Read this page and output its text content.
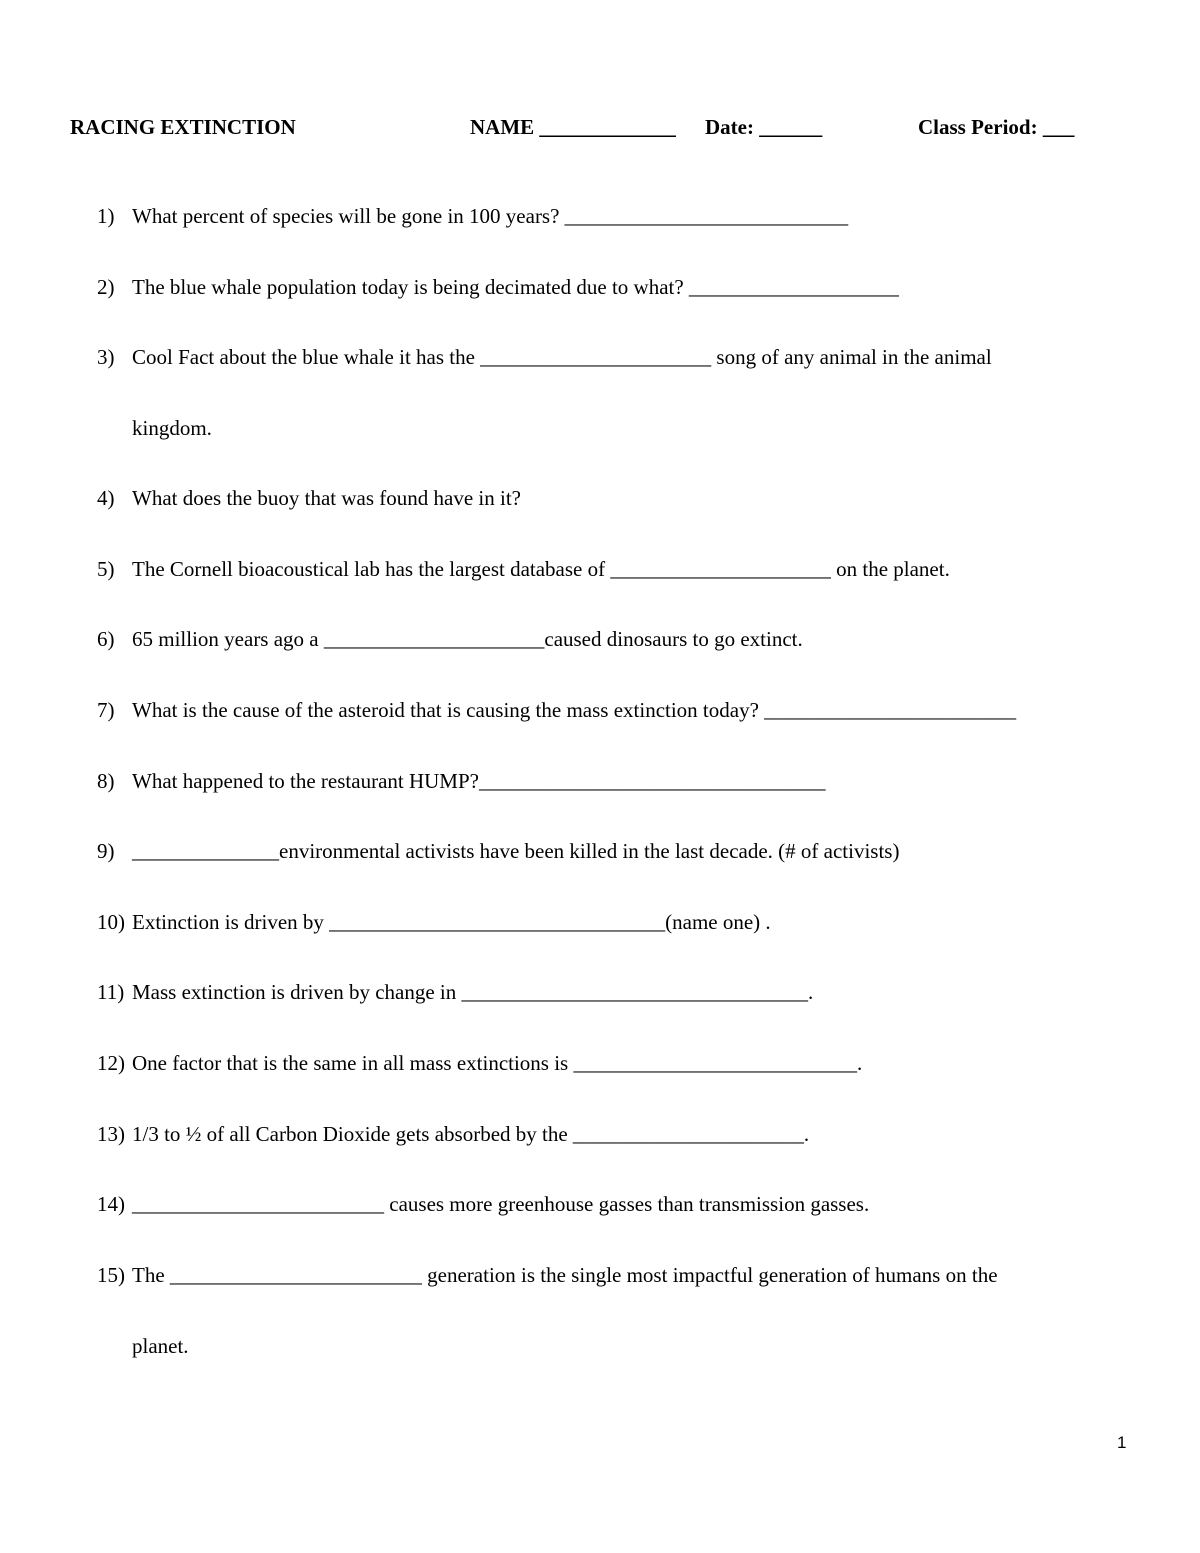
RACING EXTINCTION	NAME _____________ Date: ______	Class Period: ___
1) What percent of species will be gone in 100 years? ___________________________
2) The blue whale population today is being decimated due to what? ____________________
3) Cool Fact about the blue whale it has the ______________________ song of any animal in the animal
kingdom.
4) What does the buoy that was found have in it?
5) The Cornell bioacoustical lab has the largest database of _____________________ on the planet.
6) 65 million years ago a _____________________caused dinosaurs to go extinct.
7) What is the cause of the asteroid that is causing the mass extinction today? ________________________
8) What happened to the restaurant HUMP?_________________________________
9) ______________environmental activists have been killed in the last decade. (# of activists)
10) Extinction is driven by ________________________________(name one) .
11) Mass extinction is driven by change in _________________________________.
12) One factor that is the same in all mass extinctions is ___________________________.
13) 1/3 to ½ of all Carbon Dioxide gets absorbed by the ______________________.
14) ________________________ causes more greenhouse gasses than transmission gasses.
15) The ________________________ generation is the single most impactful generation of humans on the
planet.
1
